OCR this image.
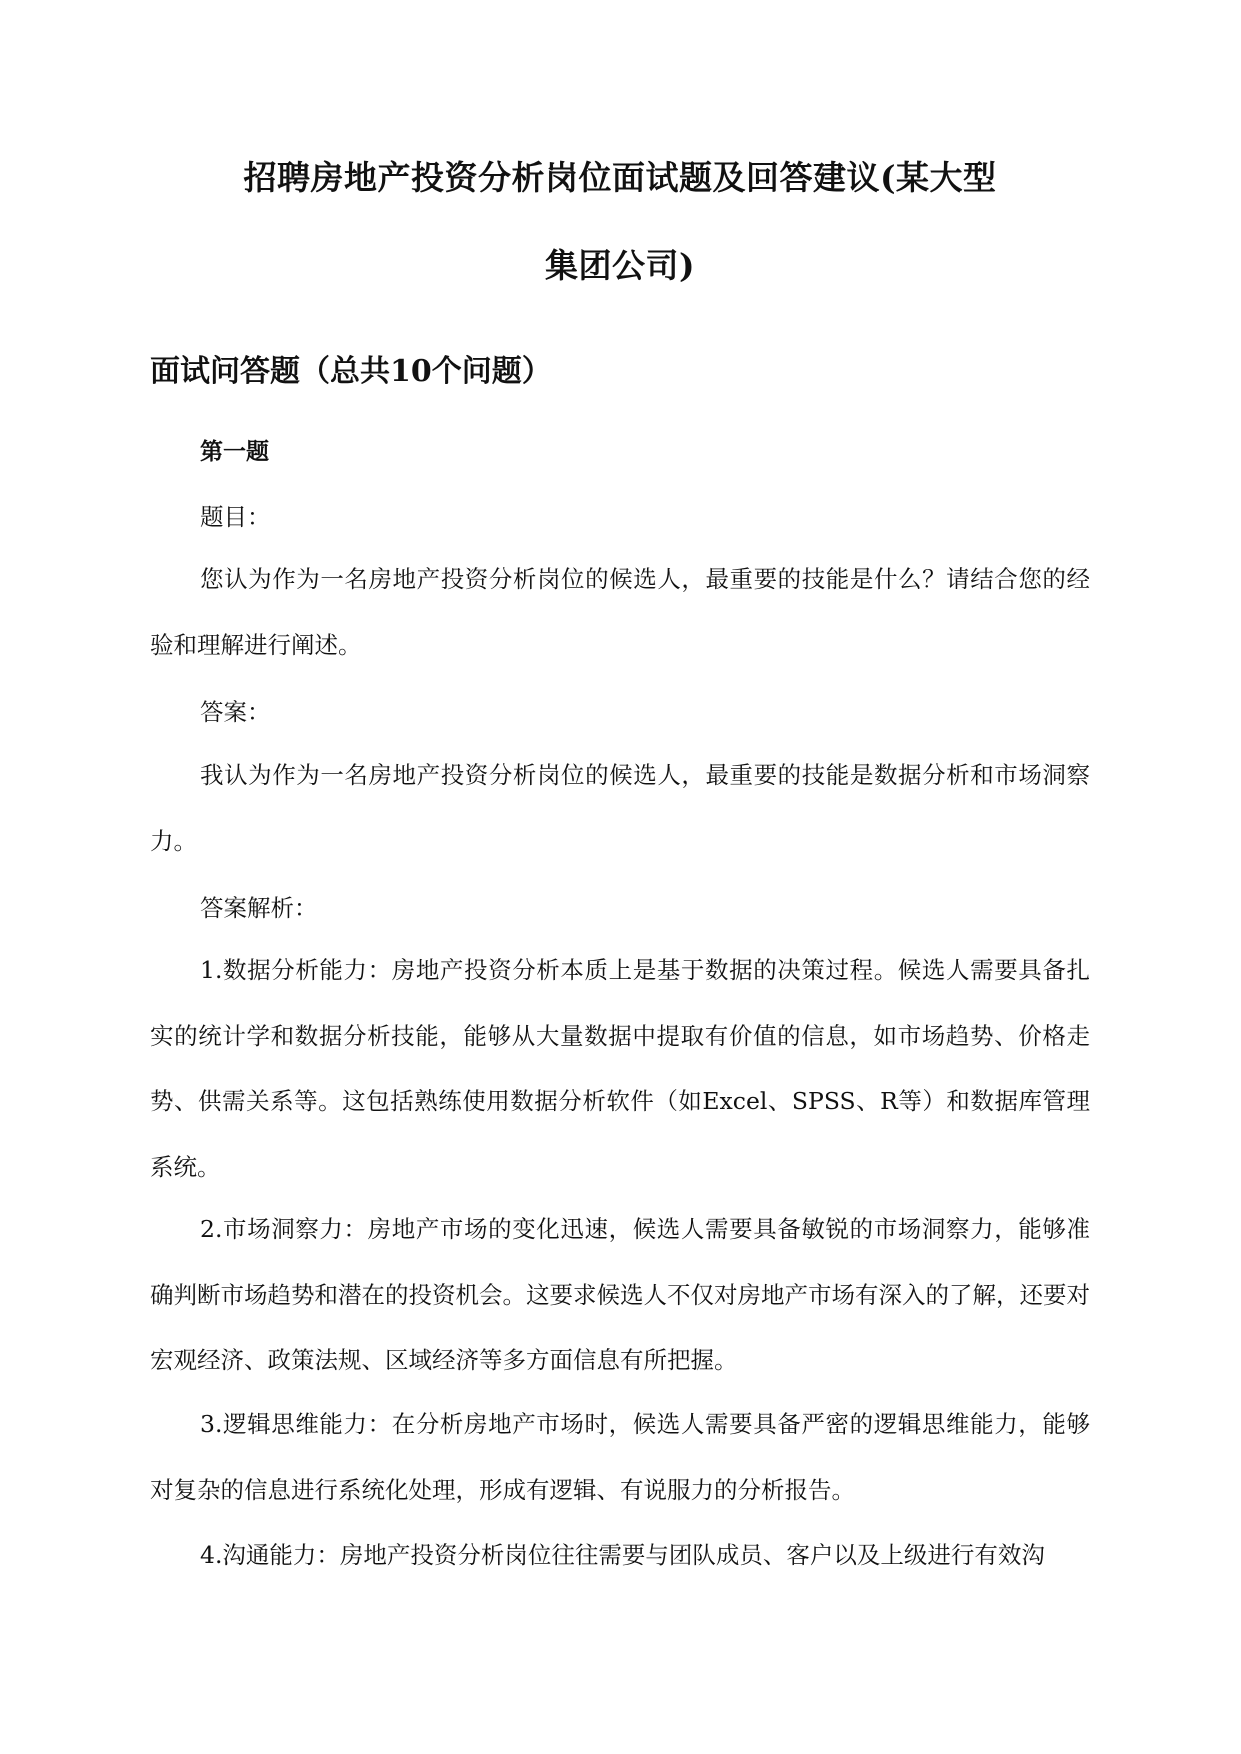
招聘房地产投资分析岗位面试题及回答建议(某大型
集团公司)
面试问答题（总共10个问题）
第一题
题目：

您认为作为一名房地产投资分析岗位的候选人，最重要的技能是什么？请结合您的经验和理解进行阐述。

答案：

我认为作为一名房地产投资分析岗位的候选人，最重要的技能是数据分析和市场洞察力。

答案解析：

1.数据分析能力：房地产投资分析本质上是基于数据的决策过程。候选人需要具备扎实的统计学和数据分析技能，能够从大量数据中提取有价值的信息，如市场趋势、价格走势、供需关系等。这包括熟练使用数据分析软件（如Excel、SPSS、R等）和数据库管理系统。

2.市场洞察力：房地产市场的变化迅速，候选人需要具备敏锐的市场洞察力，能够准确判断市场趋势和潜在的投资机会。这要求候选人不仅对房地产市场有深入的了解，还要对宏观经济、政策法规、区域经济等多方面信息有所把握。

3.逻辑思维能力：在分析房地产市场时，候选人需要具备严密的逻辑思维能力，能够对复杂的信息进行系统化处理，形成有逻辑、有说服力的分析报告。

4.沟通能力：房地产投资分析岗位往往需要与团队成员、客户以及上级进行有效沟
